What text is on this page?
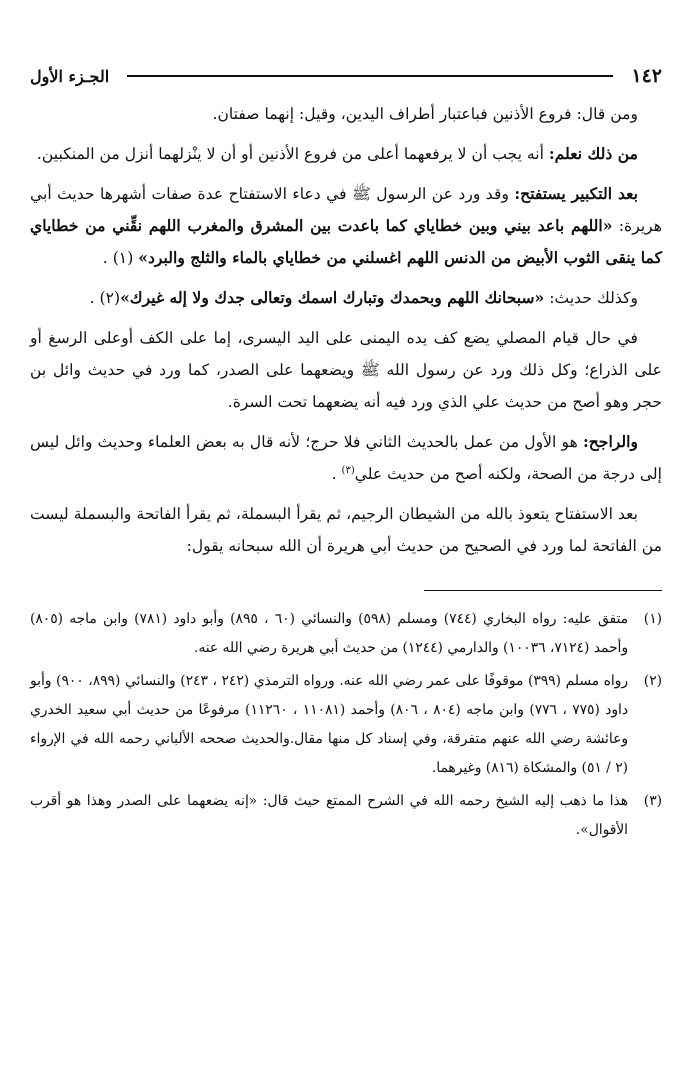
١٤٢
الجـزء الأول

ومن قال: فروع الأذنين فباعتبار أطراف اليدين، وقيل: إنهما صفتان.

من ذلك نعلم: أنه يجب أن لا يرفعهما أعلى من فروع الأذنين أو أن لا ينْزلهما أنزل من المنكبين.

بعد التكبير يستفتح: وقد ورد عن الرسول ﷺ في دعاء الاستفتاح عدة صفات أشهرها حديث أبي هريرة: «اللهم باعد بيني وبين خطاياي كما باعدت بين المشرق والمغرب اللهم نقِّني من خطاياي كما ينقى الثوب الأبيض من الدنس اللهم اغسلني من خطاياي بالماء والثلج والبرد» (١) .

وكذلك حديث: «سبحانك اللهم وبحمدك وتبارك اسمك وتعالى جدك ولا إله غيرك»(٢) .

في حال قيام المصلي يضع كف يده اليمنى على اليد اليسرى، إما على الكف أوعلى الرسغ أو على الذراع؛ وكل ذلك ورد عن رسول الله ﷺ ويضعهما على الصدر، كما ورد في حديث وائل بن حجر وهو أصح من حديث علي الذي ورد فيه أنه يضعهما تحت السرة.

والراجح: هو الأول من عمل بالحديث الثاني فلا حرج؛ لأنه قال به بعض العلماء وحديث وائل ليس إلى درجة من الصحة، ولكنه أصح من حديث علي$^{(٣)}$ .

بعد الاستفتاح يتعوذ بالله من الشيطان الرجيم، ثم يقرأ البسملة، ثم يقرأ الفاتحة والبسملة ليست من الفاتحة لما ورد في الصحيح من حديث أبي هريرة أن الله سبحانه يقول:

(١)
متفق عليه: رواه البخاري (٧٤٤) ومسلم (٥٩٨) والنسائي (٦٠ ، ٨٩٥) وأبو داود (٧٨١) وابن ماجه (٨٠٥) وأحمد (٧١٢٤، ١٠٠٣٦) والدارمي (١٢٤٤) من حديث أبي هريرة رضي الله عنه.
(٢)
رواه مسلم (٣٩٩) موقوفًا على عمر رضي الله عنه. ورواه الترمذي (٢٤٢ ، ٢٤٣) والنسائي (٨٩٩، ٩٠٠) وأبو داود (٧٧٥ ، ٧٧٦) وابن ماجه (٨٠٤ ، ٨٠٦) وأحمد (١١٠٨١ ، ١١٢٦٠) مرفوعًا من حديث أبي سعيد الخدري وعائشة رضي الله عنهم متفرقة، وفي إسناد كل منها مقال.والحديث صححه الألباني رحمه الله في الإرواء (٢ / ٥١) والمشكاة (٨١٦) وغيرهما.
(٣)
هذا ما ذهب إليه الشيخ رحمه الله في الشرح الممتع حيث قال: «إنه يضعهما على الصدر وهذا هو أقرب الأقوال».
